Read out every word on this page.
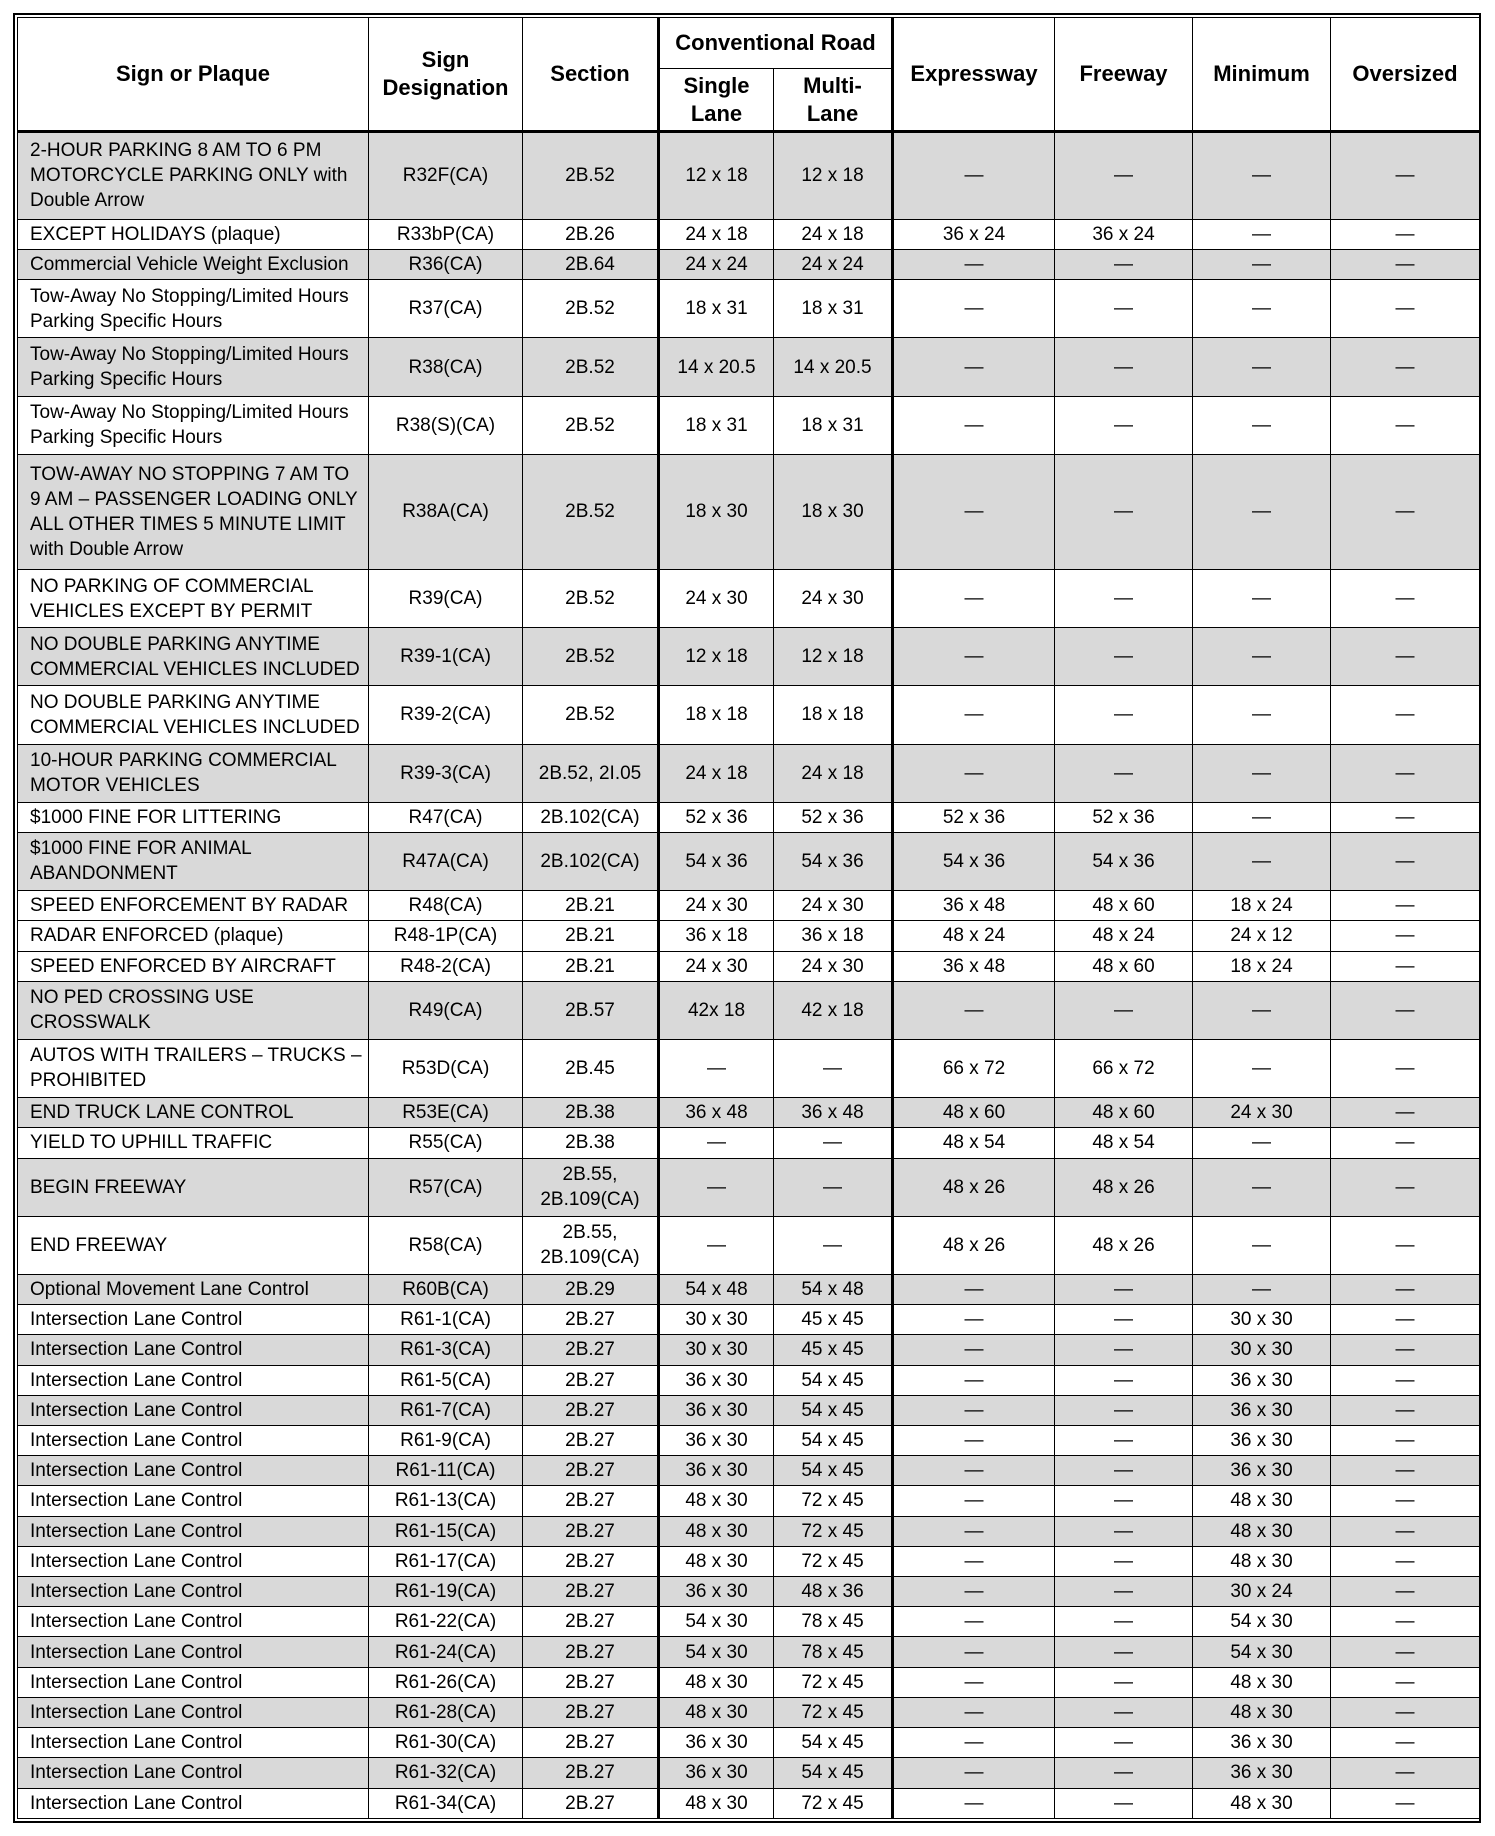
Sign or Plaque	Sign Designation	Section	Conventional Road		Expressway	Freeway	Minimum	Oversized
			Single Lane	Multi-Lane				
2-HOUR PARKING 8 AM TO 6 PM MOTORCYCLE PARKING ONLY with Double Arrow	R32F(CA)	2B.52	12 x 18	12 x 18	—	—	—	—
EXCEPT HOLIDAYS (plaque)	R33bP(CA)	2B.26	24 x 18	24 x 18	36 x 24	36 x 24	—	—
Commercial Vehicle Weight Exclusion	R36(CA)	2B.64	24 x 24	24 x 24	—	—	—	—
Tow-Away No Stopping/Limited Hours Parking Specific Hours	R37(CA)	2B.52	18 x 31	18 x 31	—	—	—	—
Tow-Away No Stopping/Limited Hours Parking Specific Hours	R38(CA)	2B.52	14 x 20.5	14 x 20.5	—	—	—	—
Tow-Away No Stopping/Limited Hours Parking Specific Hours	R38(S)(CA)	2B.52	18 x 31	18 x 31	—	—	—	—
TOW-AWAY NO STOPPING 7 AM TO 9 AM – PASSENGER LOADING ONLY ALL OTHER TIMES 5 MINUTE LIMIT with Double Arrow	R38A(CA)	2B.52	18 x 30	18 x 30	—	—	—	—
NO PARKING OF COMMERCIAL VEHICLES EXCEPT BY PERMIT	R39(CA)	2B.52	24 x 30	24 x 30	—	—	—	—
NO DOUBLE PARKING ANYTIME COMMERCIAL VEHICLES INCLUDED	R39-1(CA)	2B.52	12 x 18	12 x 18	—	—	—	—
NO DOUBLE PARKING ANYTIME COMMERCIAL VEHICLES INCLUDED	R39-2(CA)	2B.52	18 x 18	18 x 18	—	—	—	—
10-HOUR PARKING COMMERCIAL MOTOR VEHICLES	R39-3(CA)	2B.52, 2I.05	24 x 18	24 x 18	—	—	—	—
$1000 FINE FOR LITTERING	R47(CA)	2B.102(CA)	52 x 36	52 x 36	52 x 36	52 x 36	—	—
$1000 FINE FOR ANIMAL ABANDONMENT	R47A(CA)	2B.102(CA)	54 x 36	54 x 36	54 x 36	54 x 36	—	—
SPEED ENFORCEMENT BY RADAR	R48(CA)	2B.21	24 x 30	24 x 30	36 x 48	48 x 60	18 x 24	—
RADAR ENFORCED (plaque)	R48-1P(CA)	2B.21	36 x 18	36 x 18	48 x 24	48 x 24	24 x 12	—
SPEED ENFORCED BY AIRCRAFT	R48-2(CA)	2B.21	24 x 30	24 x 30	36 x 48	48 x 60	18 x 24	—
NO PED CROSSING USE CROSSWALK	R49(CA)	2B.57	42x 18	42 x 18	—	—	—	—
AUTOS WITH TRAILERS – TRUCKS – PROHIBITED	R53D(CA)	2B.45	—	—	66 x 72	66 x 72	—	—
END TRUCK LANE CONTROL	R53E(CA)	2B.38	36 x 48	36 x 48	48 x 60	48 x 60	24 x 30	—
YIELD TO UPHILL TRAFFIC	R55(CA)	2B.38	—	—	48 x 54	48 x 54	—	—
BEGIN FREEWAY	R57(CA)	2B.55, 2B.109(CA)	—	—	48 x 26	48 x 26	—	—
END FREEWAY	R58(CA)	2B.55, 2B.109(CA)	—	—	48 x 26	48 x 26	—	—
Optional Movement Lane Control	R60B(CA)	2B.29	54 x 48	54 x 48	—	—	—	—
Intersection Lane Control	R61-1(CA)	2B.27	30 x 30	45 x 45	—	—	30 x 30	—
Intersection Lane Control	R61-3(CA)	2B.27	30 x 30	45 x 45	—	—	30 x 30	—
Intersection Lane Control	R61-5(CA)	2B.27	36 x 30	54 x 45	—	—	36 x 30	—
Intersection Lane Control	R61-7(CA)	2B.27	36 x 30	54 x 45	—	—	36 x 30	—
Intersection Lane Control	R61-9(CA)	2B.27	36 x 30	54 x 45	—	—	36 x 30	—
Intersection Lane Control	R61-11(CA)	2B.27	36 x 30	54 x 45	—	—	36 x 30	—
Intersection Lane Control	R61-13(CA)	2B.27	48 x 30	72 x 45	—	—	48 x 30	—
Intersection Lane Control	R61-15(CA)	2B.27	48 x 30	72 x 45	—	—	48 x 30	—
Intersection Lane Control	R61-17(CA)	2B.27	48 x 30	72 x 45	—	—	48 x 30	—
Intersection Lane Control	R61-19(CA)	2B.27	36 x 30	48 x 36	—	—	30 x 24	—
Intersection Lane Control	R61-22(CA)	2B.27	54 x 30	78 x 45	—	—	54 x 30	—
Intersection Lane Control	R61-24(CA)	2B.27	54 x 30	78 x 45	—	—	54 x 30	—
Intersection Lane Control	R61-26(CA)	2B.27	48 x 30	72 x 45	—	—	48 x 30	—
Intersection Lane Control	R61-28(CA)	2B.27	48 x 30	72 x 45	—	—	48 x 30	—
Intersection Lane Control	R61-30(CA)	2B.27	36 x 30	54 x 45	—	—	36 x 30	—
Intersection Lane Control	R61-32(CA)	2B.27	36 x 30	54 x 45	—	—	36 x 30	—
Intersection Lane Control	R61-34(CA)	2B.27	48 x 30	72 x 45	—	—	48 x 30	—
